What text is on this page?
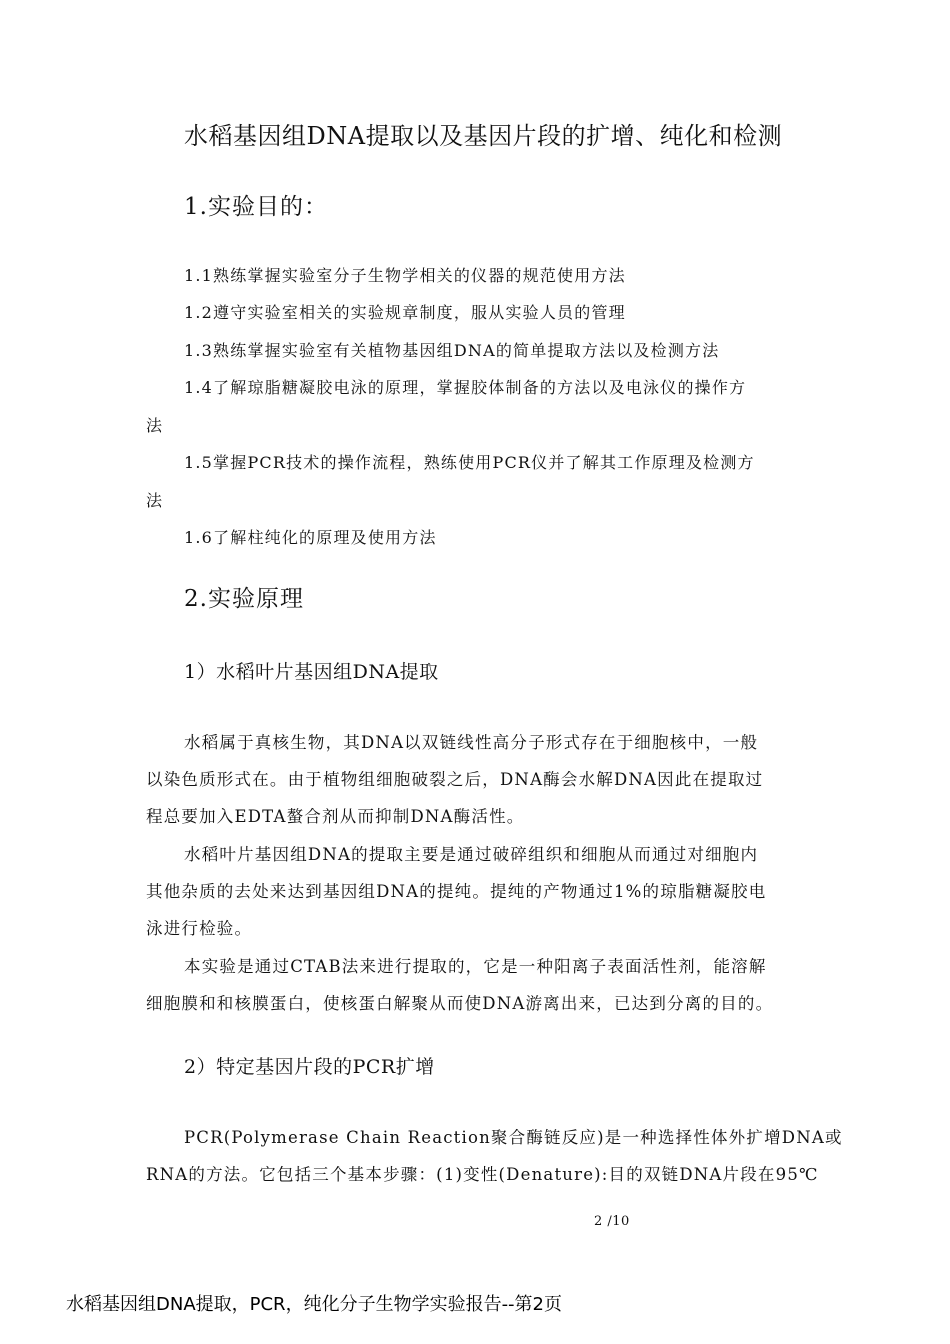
水稻基因组DNA提取以及基因片段的扩增、纯化和检测
1.实验目的：

1.1熟练掌握实验室分子生物学相关的仪器的规范使用方法

1.2遵守实验室相关的实验规章制度，服从实验人员的管理

1.3熟练掌握实验室有关植物基因组DNA的简单提取方法以及检测方法

1.4了解琼脂糖凝胶电泳的原理，掌握胶体制备的方法以及电泳仪的操作方

法

1.5掌握PCR技术的操作流程，熟练使用PCR仪并了解其工作原理及检测方

法

1.6了解柱纯化的原理及使用方法

2.实验原理
1）水稻叶片基因组DNA提取

水稻属于真核生物，其DNA以双链线性高分子形式存在于细胞核中，一般

以染色质形式在。由于植物组细胞破裂之后，DNA酶会水解DNA因此在提取过

程总要加入EDTA螯合剂从而抑制DNA酶活性。

水稻叶片基因组DNA的提取主要是通过破碎组织和细胞从而通过对细胞内

其他杂质的去处来达到基因组DNA的提纯。提纯的产物通过1%的琼脂糖凝胶电

泳进行检验。

本实验是通过CTAB法来进行提取的，它是一种阳离子表面活性剂，能溶解

细胞膜和和核膜蛋白，使核蛋白解聚从而使DNA游离出来，已达到分离的目的。

2）特定基因片段的PCR扩增

PCR(Polymerase Chain Reaction聚合酶链反应)是一种选择性体外扩增DNA或

RNA的方法。它包括三个基本步骤：(1)变性(Denature):目的双链DNA片段在95℃

2 /10
水稻基因组DNA提取，PCR，纯化分子生物学实验报告--第2页
